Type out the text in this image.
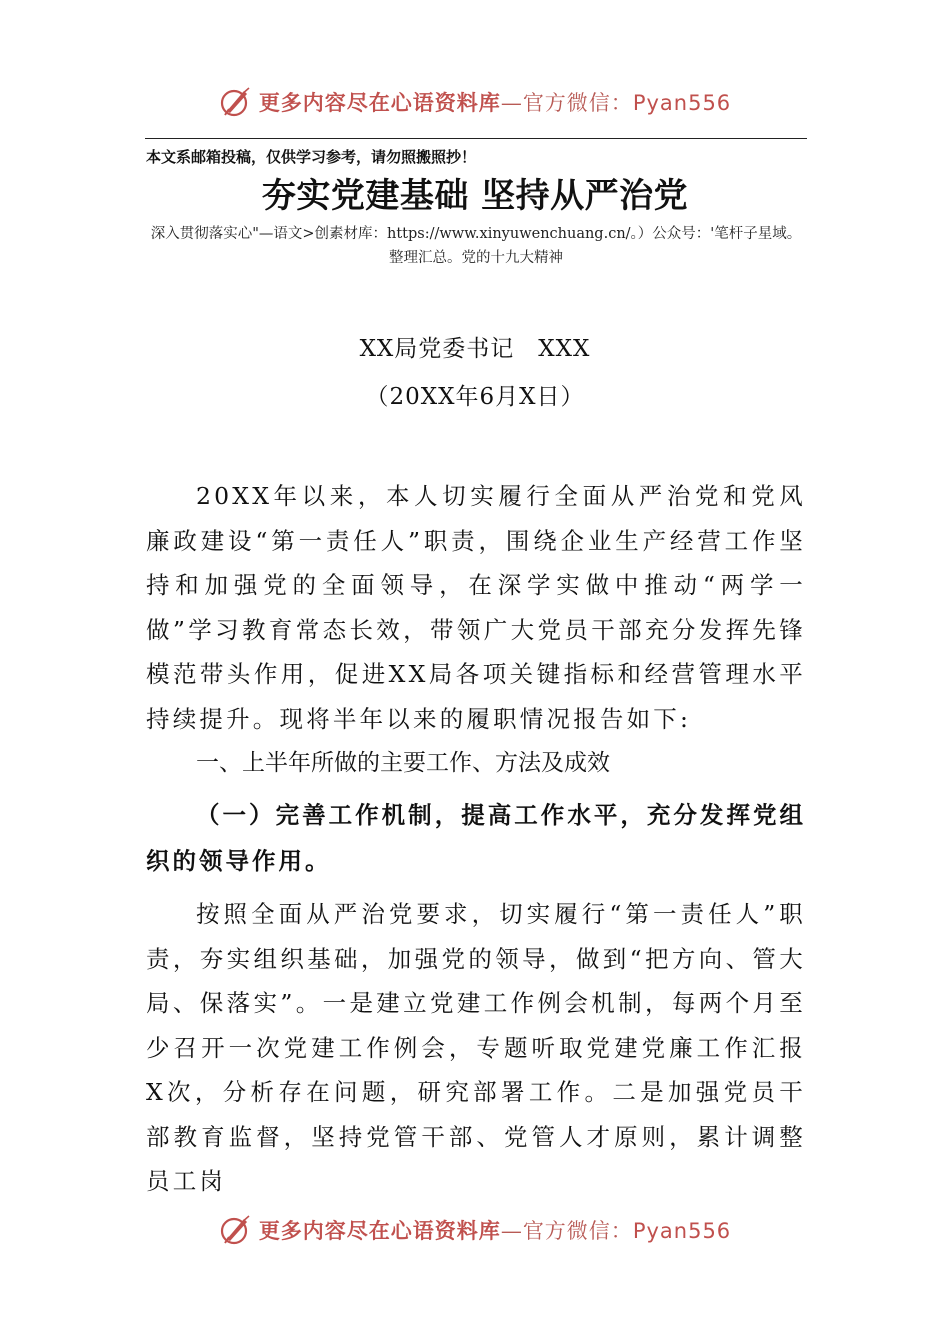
更多内容尽在心语资料库—官方微信：Pyan556
本文系邮箱投稿，仅供学习参考，请勿照搬照抄！
夯实党建基础 坚持从严治党
深入贯彻落实心"—语文>创素材库：https://www.xinyuwenchuang.cn/。）公众号：'笔杆子星域。整理汇总。党的十九大精神
XX局党委书记　XXX
（20XX年6月X日）
20XX年以来，本人切实履行全面从严治党和党风廉政建设“第一责任人”职责，围绕企业生产经营工作坚持和加强党的全面领导，在深学实做中推动“两学一做”学习教育常态长效，带领广大党员干部充分发挥先锋模范带头作用，促进XX局各项关键指标和经营管理水平持续提升。现将半年以来的履职情况报告如下:
一、上半年所做的主要工作、方法及成效
（一）完善工作机制，提高工作水平，充分发挥党组织的领导作用。
按照全面从严治党要求，切实履行“第一责任人”职责，夯实组织基础，加强党的领导，做到“把方向、管大局、保落实”。一是建立党建工作例会机制，每两个月至少召开一次党建工作例会，专题听取党建党廉工作汇报X次，分析存在问题，研究部署工作。二是加强党员干部教育监督，坚持党管干部、党管人才原则，累计调整员工岗
更多内容尽在心语资料库—官方微信：Pyan556
